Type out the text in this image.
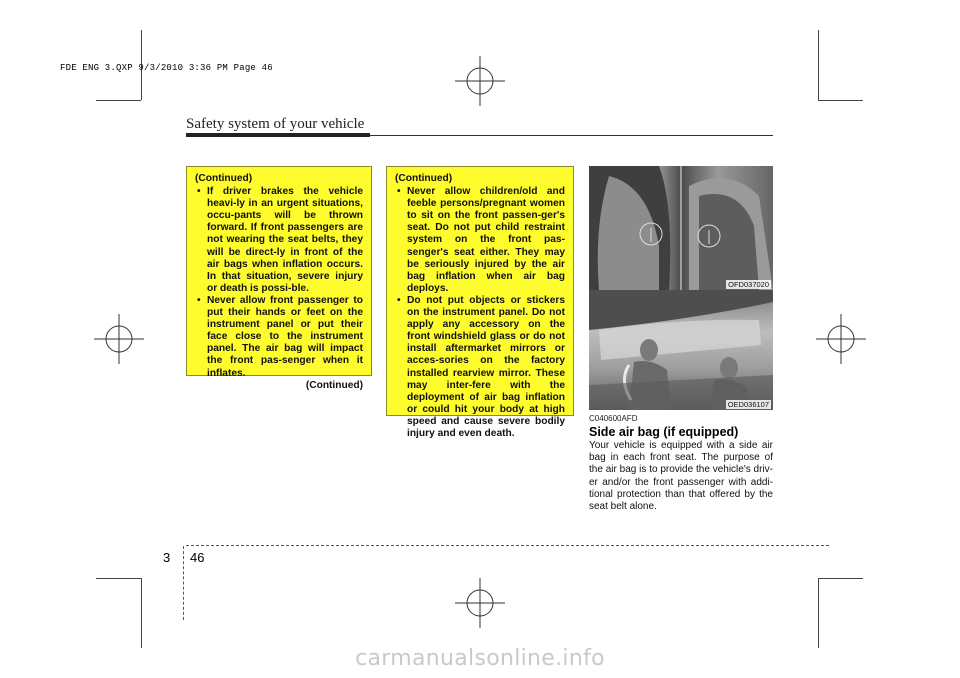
FDE ENG 3.QXP 9/3/2010 3:36 PM Page 46
Safety system of your vehicle
(Continued)
• If driver brakes the vehicle heavi-ly in an urgent situations, occu-pants will be thrown forward. If front passengers are not wearing the seat belts, they will be direct-ly in front of the air bags when inflation occurs. In that situation, severe injury or death is possi-ble.
• Never allow front passenger to put their hands or feet on the instrument panel or put their face close to the instrument panel. The air bag will impact the front pas-senger when it inflates.
(Continued)
(Continued)
• Never allow children/old and feeble persons/pregnant women to sit on the front passen-ger's seat. Do not put child restraint system on the front pas-senger's seat either. They may be seriously injured by the air bag inflation when air bag deploys.
• Do not put objects or stickers on the instrument panel. Do not apply any accessory on the front windshield glass or do not install aftermarket mirrors or acces-sories on the factory installed rearview mirror. These may inter-fere with the deployment of air bag inflation or could hit your body at high speed and cause severe bodily injury and even death.
OFD037020
OED036107
C040600AFD
Side air bag (if equipped)
Your vehicle is equipped with a side air bag in each front seat. The purpose of the air bag is to provide the vehicle's driv-er and/or the front passenger with addi-tional protection than that offered by the seat belt alone.
3 46
carmanualsonline.info
